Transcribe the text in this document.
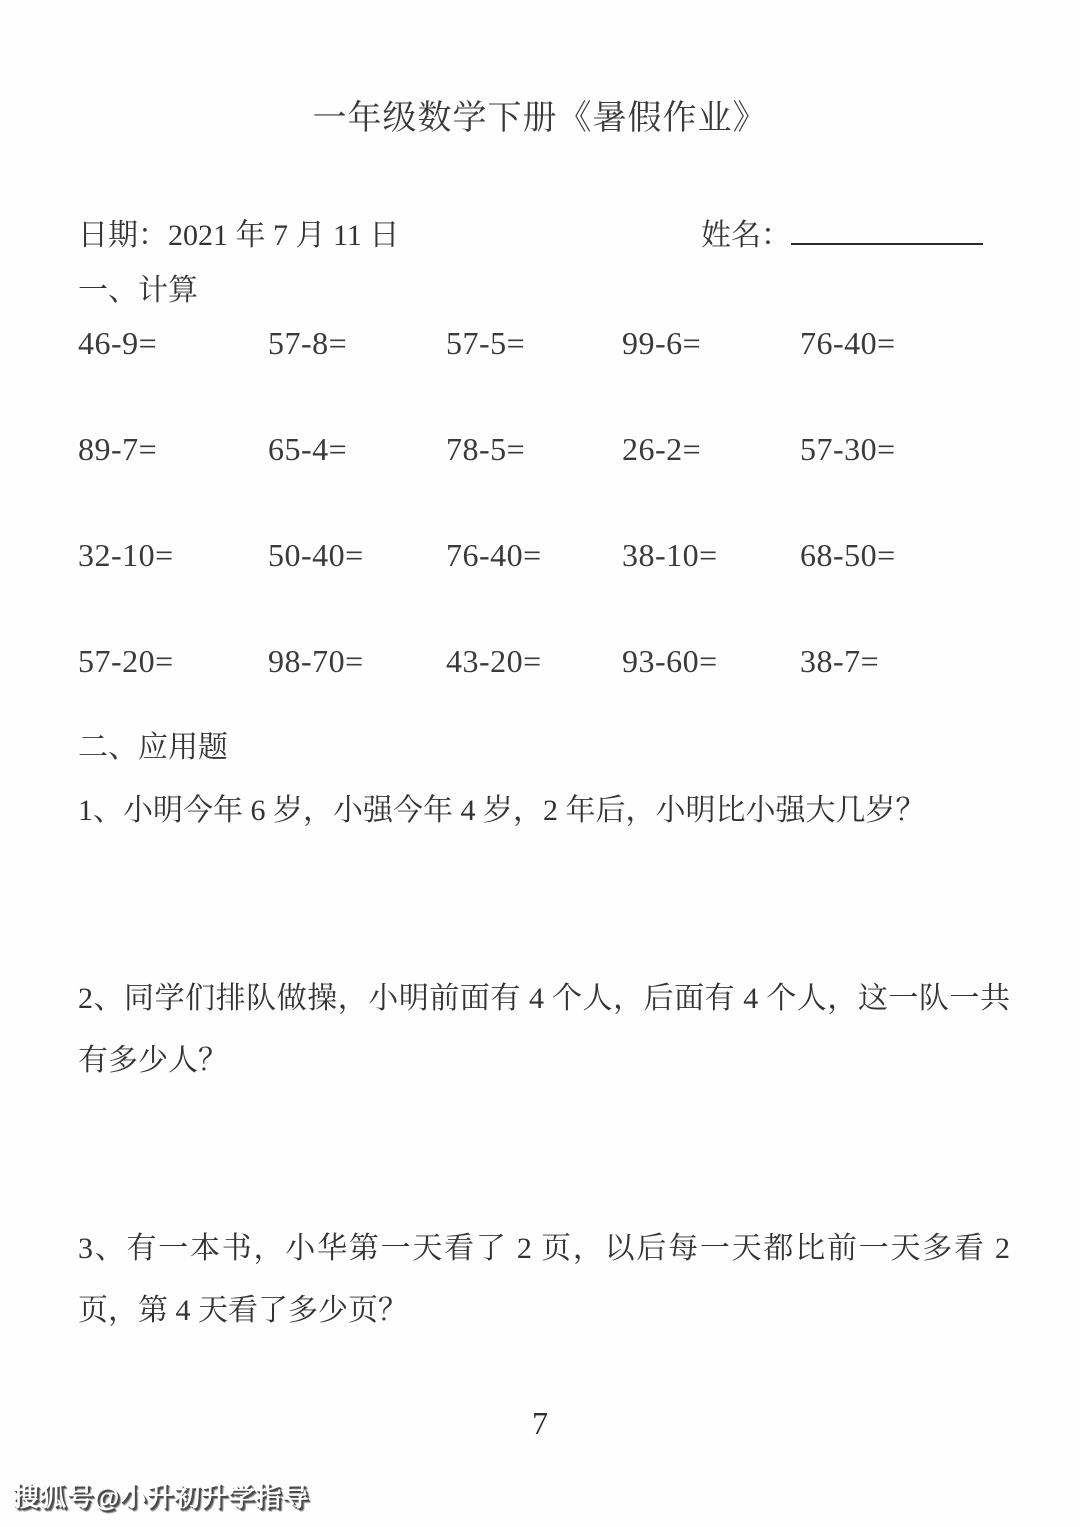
一年级数学下册《暑假作业》
日期：2021 年 7 月 11 日	姓名：
一、计算
46-9=	57-8=	57-5=	99-6=	76-40=
89-7=	65-4=	78-5=	26-2=	57-30=
32-10=	50-40=	76-40=	38-10=	68-50=
57-20=	98-70=	43-20=	93-60=	38-7=
二、应用题

1、小明今年 6 岁，小强今年 4 岁，2 年后，小明比小强大几岁？

2、同学们排队做操，小明前面有 4 个人，后面有 4 个人，这一队一共有多少人？

3、有一本书，小华第一天看了 2 页，以后每一天都比前一天多看 2 页，第 4 天看了多少页？

7
搜狐号@小升初升学指导
